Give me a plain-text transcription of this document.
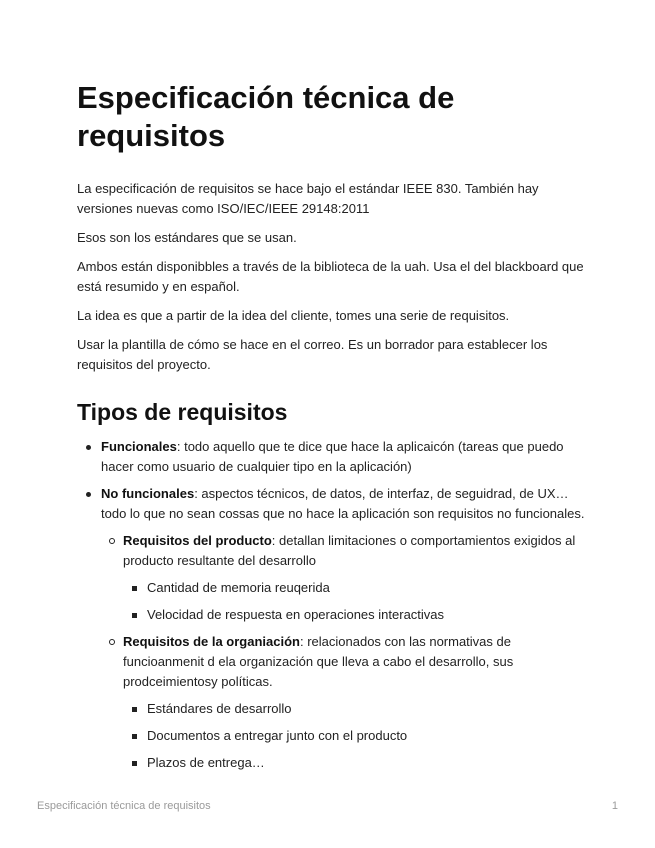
Especificación técnica de requisitos

La especificación de requisitos se hace bajo el estándar IEEE 830. También hay versiones nuevas como ISO/IEC/IEEE 29148:2011

Esos son los estándares que se usan.

Ambos están disponibbles a través de la biblioteca de la uah. Usa el del blackboard que está resumido y en español.

La idea es que a partir de la idea del cliente, tomes una serie de requisitos.

Usar la plantilla de cómo se hace en el correo. Es un borrador para establecer los requisitos del proyecto.

Tipos de requisitos
Funcionales: todo aquello que te dice que hace la aplicaicón (tareas que puedo hacer como usuario de cualquier tipo en la aplicación)
No funcionales: aspectos técnicos, de datos, de interfaz, de seguidrad, de UX… todo lo que no sean cossas que no hace la aplicación son requisitos no funcionales.
Requisitos del producto: detallan limitaciones o comportamientos exigidos al producto resultante del desarrollo
Cantidad de memoria reuqerida
Velocidad de respuesta en operaciones interactivas
Requisitos de la organiación: relacionados con las normativas de funcioanmenit d ela organización que lleva a cabo el desarrollo, sus prodceimientosy políticas.
Estándares de desarrollo
Documentos a entregar junto con el producto
Plazos de entrega…
Especificación técnica de requisitos	1
